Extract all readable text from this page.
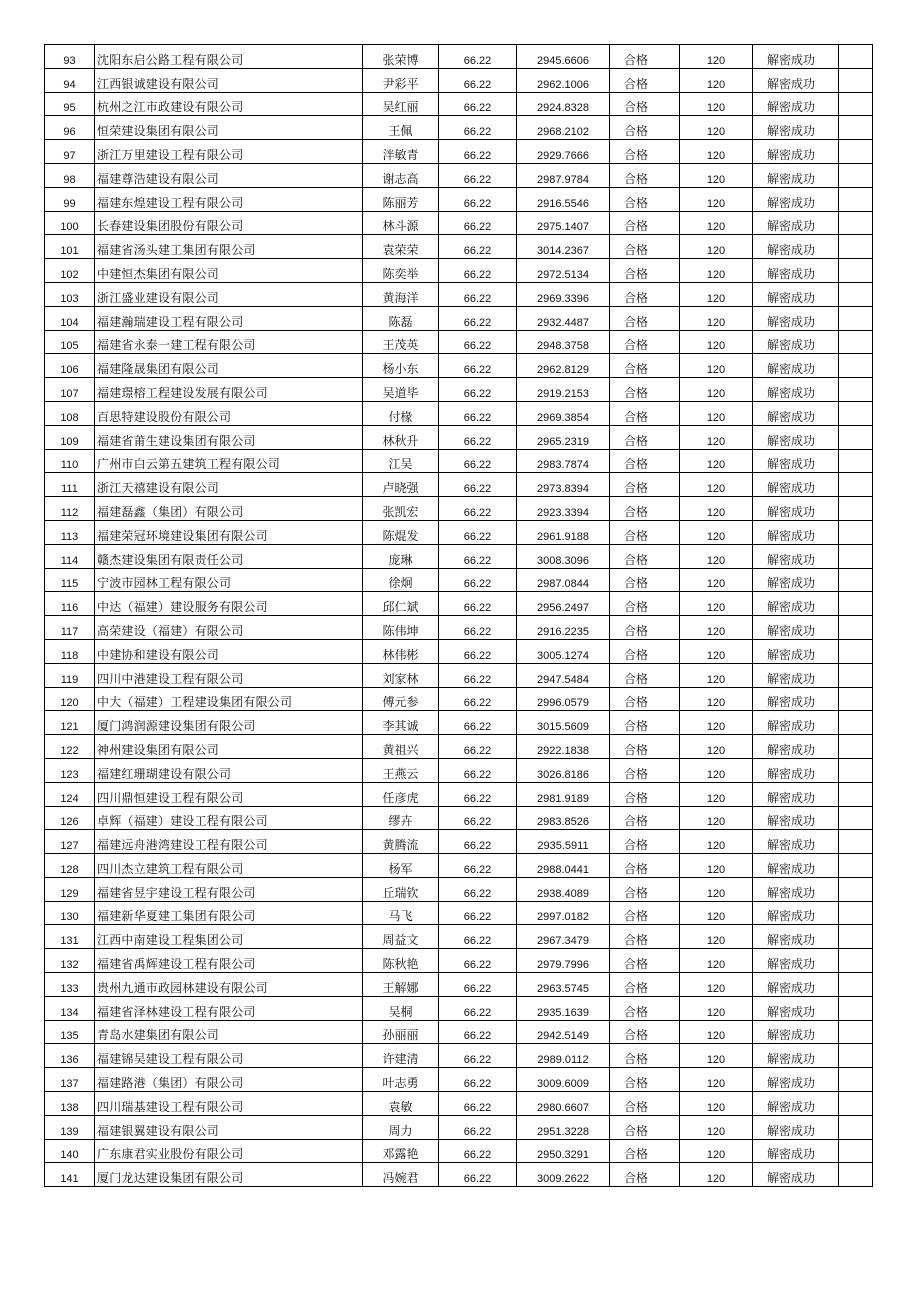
93	沈阳东启公路工程有限公司	张荣博	66.22	2945.6606	合格	120	解密成功	
94	江西银诚建设有限公司	尹彩平	66.22	2962.1006	合格	120	解密成功	
95	杭州之江市政建设有限公司	吴红丽	66.22	2924.8328	合格	120	解密成功	
96	恒荣建设集团有限公司	王佩	66.22	2968.2102	合格	120	解密成功	
97	浙江万里建设工程有限公司	泮敏青	66.22	2929.7666	合格	120	解密成功	
98	福建尊浩建设有限公司	谢志高	66.22	2987.9784	合格	120	解密成功	
99	福建东煌建设工程有限公司	陈丽芳	66.22	2916.5546	合格	120	解密成功	
100	长春建设集团股份有限公司	林斗源	66.22	2975.1407	合格	120	解密成功	
101	福建省汤头建工集团有限公司	袁荣荣	66.22	3014.2367	合格	120	解密成功	
102	中建恒杰集团有限公司	陈奕举	66.22	2972.5134	合格	120	解密成功	
103	浙江盛业建设有限公司	黄海洋	66.22	2969.3396	合格	120	解密成功	
104	福建瀚瑞建设工程有限公司	陈磊	66.22	2932.4487	合格	120	解密成功	
105	福建省永泰一建工程有限公司	王茂英	66.22	2948.3758	合格	120	解密成功	
106	福建隆晟集团有限公司	杨小东	66.22	2962.8129	合格	120	解密成功	
107	福建璟榕工程建设发展有限公司	吴道毕	66.22	2919.2153	合格	120	解密成功	
108	百思特建设股份有限公司	付椽	66.22	2969.3854	合格	120	解密成功	
109	福建省莆生建设集团有限公司	林秋升	66.22	2965.2319	合格	120	解密成功	
110	广州市白云第五建筑工程有限公司	江吴	66.22	2983.7874	合格	120	解密成功	
111	浙江天禧建设有限公司	卢晓强	66.22	2973.8394	合格	120	解密成功	
112	福建磊鑫（集团）有限公司	张凯宏	66.22	2923.3394	合格	120	解密成功	
113	福建荣冠环境建设集团有限公司	陈焜发	66.22	2961.9188	合格	120	解密成功	
114	赣杰建设集团有限责任公司	庞琳	66.22	3008.3096	合格	120	解密成功	
115	宁波市园林工程有限公司	徐炯	66.22	2987.0844	合格	120	解密成功	
116	中达（福建）建设服务有限公司	邱仁斌	66.22	2956.2497	合格	120	解密成功	
117	高荣建设（福建）有限公司	陈伟坤	66.22	2916.2235	合格	120	解密成功	
118	中建协和建设有限公司	林伟彬	66.22	3005.1274	合格	120	解密成功	
119	四川中港建设工程有限公司	刘家林	66.22	2947.5484	合格	120	解密成功	
120	中大（福建）工程建设集团有限公司	傅元参	66.22	2996.0579	合格	120	解密成功	
121	厦门鸿润源建设集团有限公司	李其诚	66.22	3015.5609	合格	120	解密成功	
122	神州建设集团有限公司	黄祖兴	66.22	2922.1838	合格	120	解密成功	
123	福建红珊瑚建设有限公司	王燕云	66.22	3026.8186	合格	120	解密成功	
124	四川鼎恒建设工程有限公司	任彦虎	66.22	2981.9189	合格	120	解密成功	
126	卓辉（福建）建设工程有限公司	缪卉	66.22	2983.8526	合格	120	解密成功	
127	福建远舟港湾建设工程有限公司	黄腾流	66.22	2935.5911	合格	120	解密成功	
128	四川杰立建筑工程有限公司	杨军	66.22	2988.0441	合格	120	解密成功	
129	福建省昱宇建设工程有限公司	丘瑞钦	66.22	2938.4089	合格	120	解密成功	
130	福建新华夏建工集团有限公司	马飞	66.22	2997.0182	合格	120	解密成功	
131	江西中南建设工程集团公司	周益文	66.22	2967.3479	合格	120	解密成功	
132	福建省禹辉建设工程有限公司	陈秋艳	66.22	2979.7996	合格	120	解密成功	
133	贵州九通市政园林建设有限公司	王解娜	66.22	2963.5745	合格	120	解密成功	
134	福建省泽林建设工程有限公司	吴桐	66.22	2935.1639	合格	120	解密成功	
135	青岛水建集团有限公司	孙丽丽	66.22	2942.5149	合格	120	解密成功	
136	福建锦吴建设工程有限公司	许建清	66.22	2989.0112	合格	120	解密成功	
137	福建路港（集团）有限公司	叶志勇	66.22	3009.6009	合格	120	解密成功	
138	四川瑞基建设工程有限公司	袁敏	66.22	2980.6607	合格	120	解密成功	
139	福建银翼建设有限公司	周力	66.22	2951.3228	合格	120	解密成功	
140	广东康君实业股份有限公司	邓露艳	66.22	2950.3291	合格	120	解密成功	
141	厦门龙达建设集团有限公司	冯婉君	66.22	3009.2622	合格	120	解密成功	
